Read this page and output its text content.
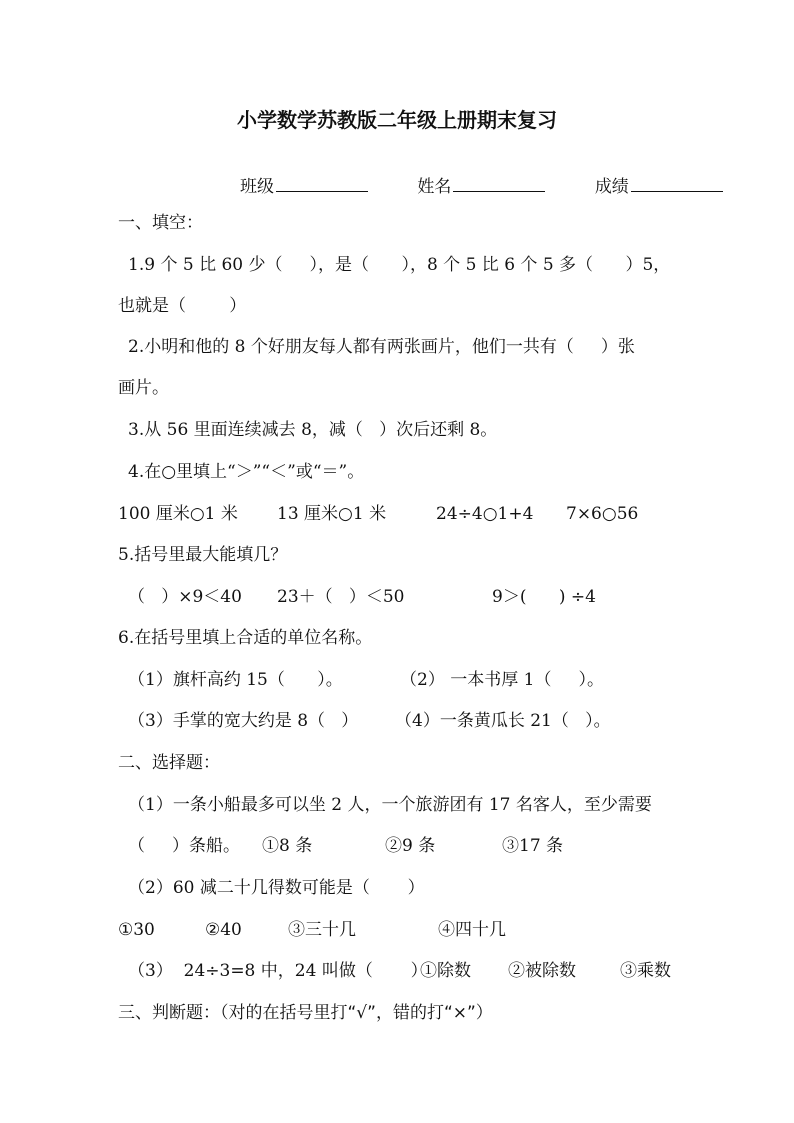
小学数学苏教版二年级上册期末复习
班级	姓名	成绩
一、填空：
1.9 个 5 比 60 少（     ），是（      ），8 个 5 比 6 个 5 多（      ）5，
也就是（        ）
2.小明和他的 8 个好朋友每人都有两张画片，他们一共有（     ）张
画片。
3.从 56 里面连续减去 8，减（   ）次后还剩 8。
4.在○里填上“＞”“＜”或“＝”。
100 厘米○1 米 13 厘米○1 米	24÷4○1+4 7×6○56
5.括号里最大能填几？
（   ）×9＜40 23＋（   ）＜50	9＞(      ) ÷4
6.在括号里填上合适的单位名称。
（1）旗杆高约 15（      ）。	（2） 一本书厚 1（     ）。
（3）手掌的宽大约是 8（   ） （4）一条黄瓜长 21（   ）。
二、选择题：
（1）一条小船最多可以坐 2 人，一个旅游团有 17 名客人，至少需要
（     ）条船。 ①8 条	②9 条	③17 条
（2）60 减二十几得数可能是（       ）
①30	②40	③三十几	④四十几
（3）  24÷3=8 中，24 叫做（       ）
①除数 ②被除数	③乘数
三、判断题：（对的在括号里打“√”，错的打“×”）
